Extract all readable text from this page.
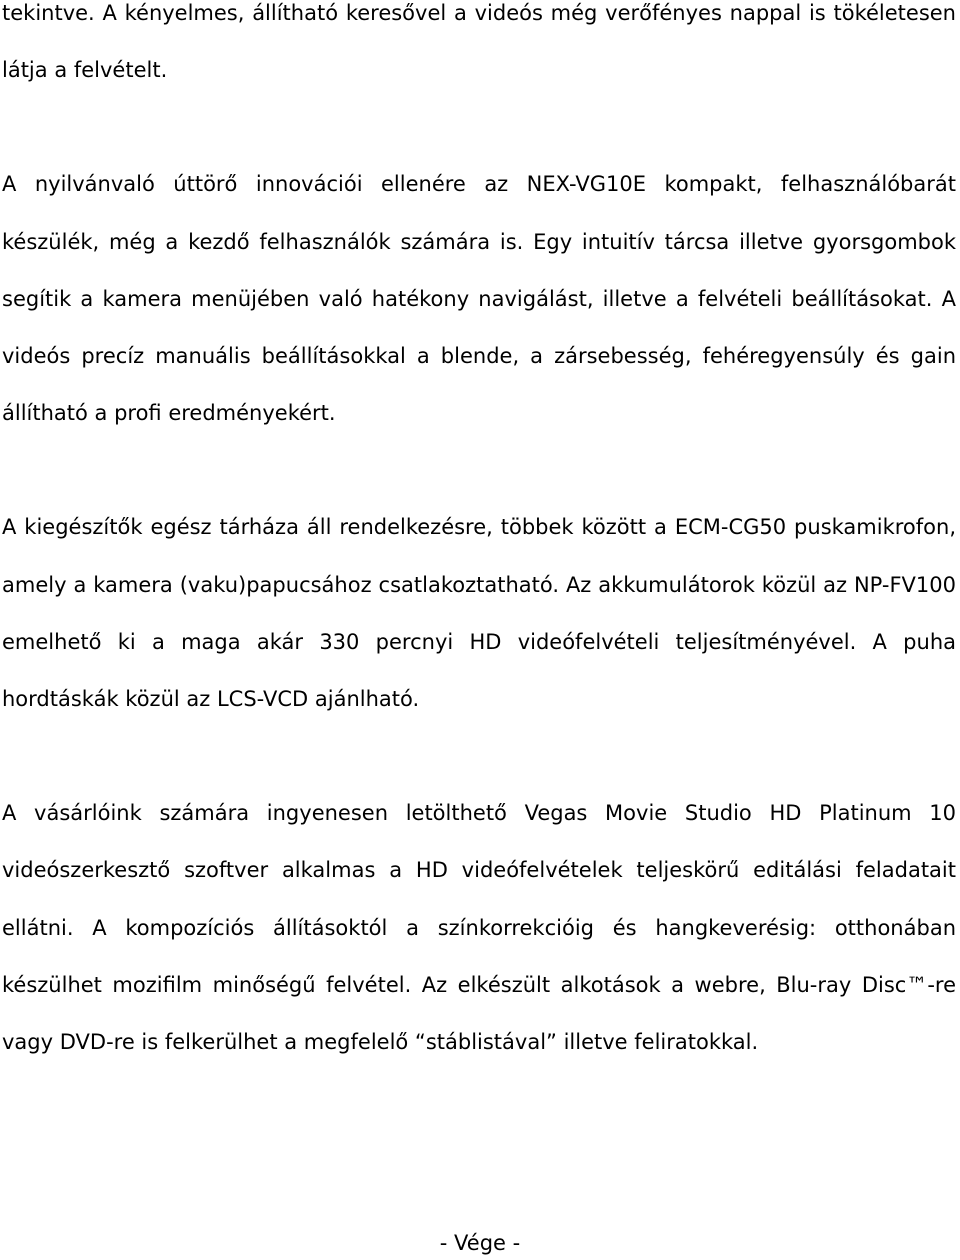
tekintve. A kényelmes, állítható keresővel a videós még verőfényes nappal is tökéletesen látja a felvételt.

A nyilvánvaló úttörő innovációi ellenére az NEX-VG10E kompakt, felhasználóbarát készülék, még a kezdő felhasználók számára is. Egy intuitív tárcsa illetve gyorsgombok segítik a kamera menüjében való hatékony navigálást, illetve a felvételi beállításokat. A videós precíz manuális beállításokkal a blende, a zársebesség, fehéregyensúly és gain állítható a profi eredményekért.

A kiegészítők egész tárháza áll rendelkezésre, többek között a ECM-CG50 puskamikrofon, amely a kamera (vaku)papucsához csatlakoztatható. Az akkumulátorok közül az NP-FV100 emelhető ki a maga akár 330 percnyi HD videófelvételi teljesítményével. A puha hordtáskák közül az LCS-VCD ajánlható.

A vásárlóink számára ingyenesen letölthető Vegas Movie Studio HD Platinum 10 videószerkesztő szoftver alkalmas a HD videófelvételek teljeskörű editálási feladatait ellátni. A kompozíciós állításoktól a színkorrekcióig és hangkeverésig: otthonában készülhet mozifilm minőségű felvétel. Az elkészült alkotások a webre, Blu-ray Disc™-re vagy DVD-re is felkerülhet a megfelelő “stáblistával” illetve feliratokkal.

- Vége -
